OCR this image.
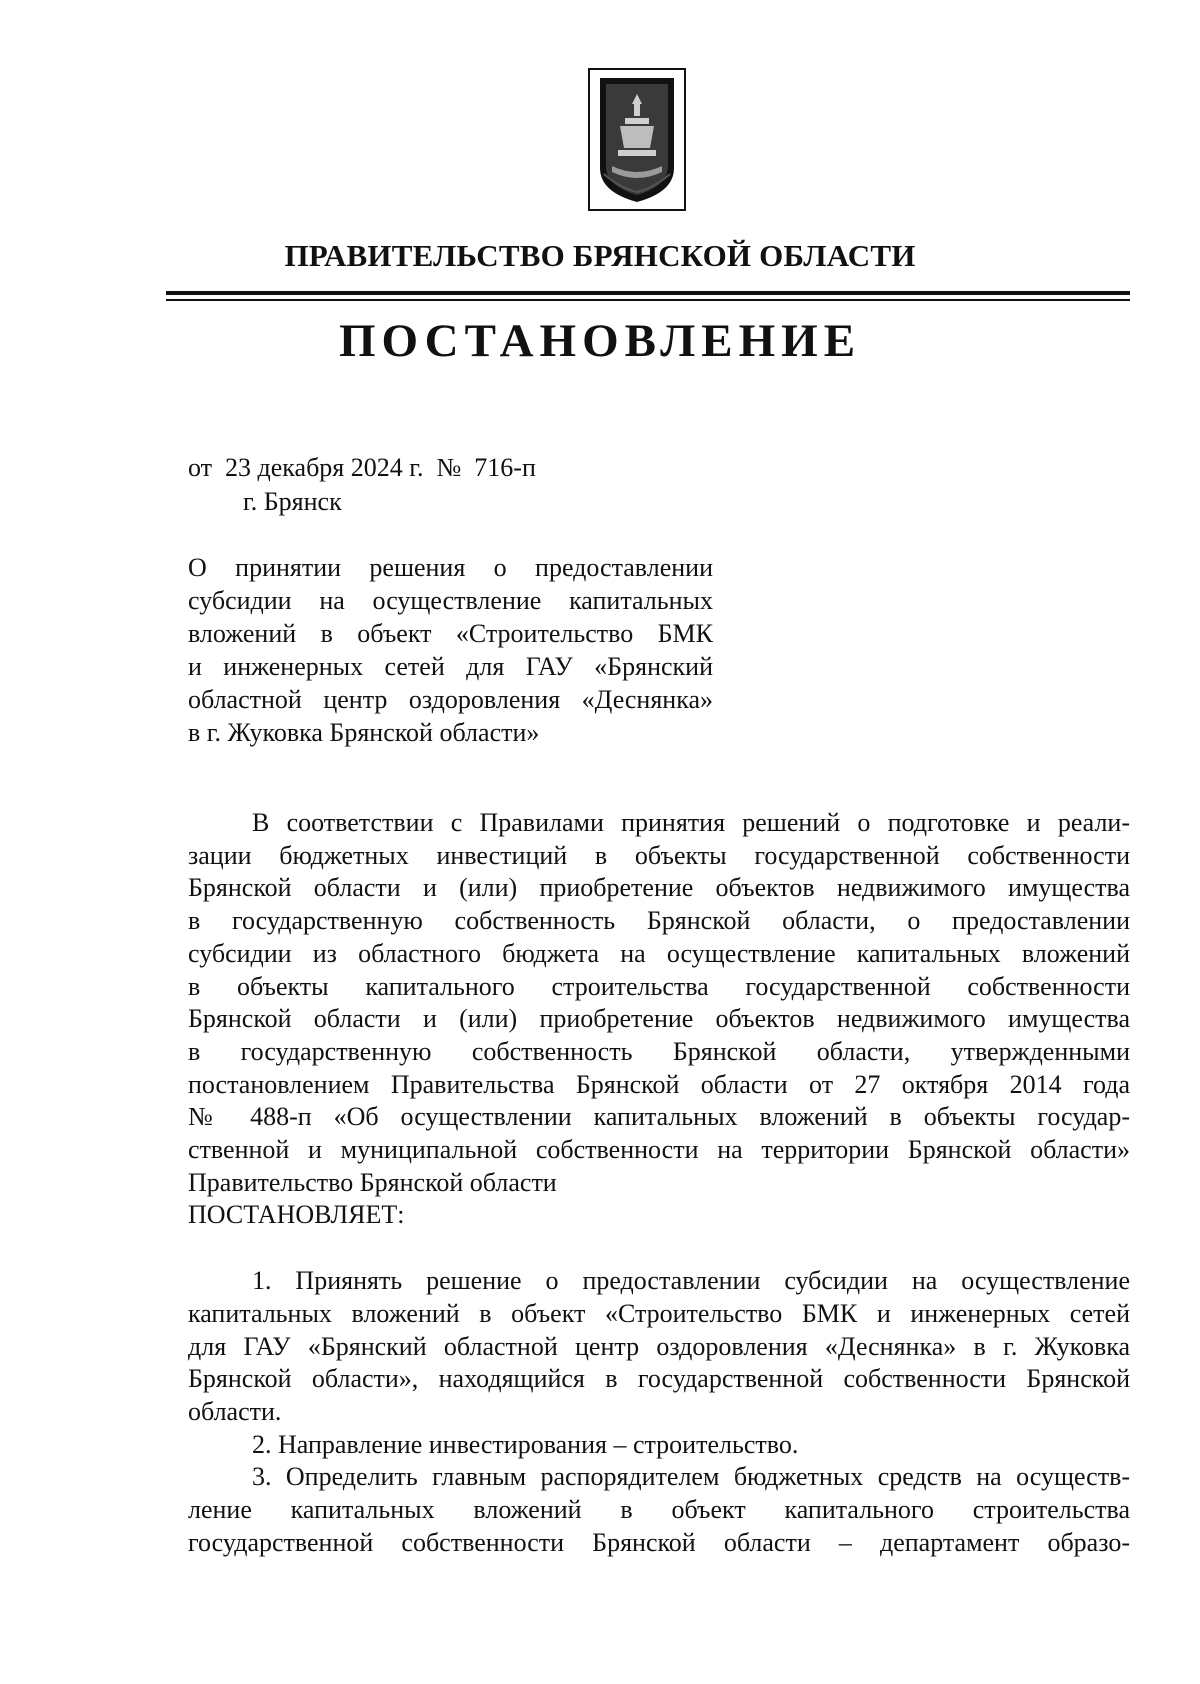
ПРАВИТЕЛЬСТВО БРЯНСКОЙ ОБЛАСТИ
ПОСТАНОВЛЕНИЕ
от  23 декабря 2024 г.  №  716-п
г. Брянск
О принятии решения о предоставлении
субсидии на осуществление капитальных
вложений в объект «Строительство БМК
и инженерных сетей для ГАУ «Брянский
областной центр оздоровления «Деснянка»
в г. Жуковка Брянской области»
В соответствии с Правилами принятия решений о подготовке и реали-
зации бюджетных инвестиций в объекты государственной собственности
Брянской области и (или) приобретение объектов недвижимого имущества
в государственную собственность Брянской области, о предоставлении
субсидии из областного бюджета на осуществление капитальных вложений
в объекты капитального строительства государственной собственности
Брянской области и (или) приобретение объектов недвижимого имущества
в государственную собственность Брянской области, утвержденными
постановлением Правительства Брянской области от 27 октября 2014 года
№ 488-п «Об осуществлении капитальных вложений в объекты государ-
ственной и муниципальной собственности на территории Брянской области»
Правительство Брянской области
ПОСТАНОВЛЯЕТ:
1. Приянять решение о предоставлении субсидии на осуществление
капитальных вложений в объект «Строительство БМК и инженерных сетей
для ГАУ «Брянский областной центр оздоровления «Деснянка» в г. Жуковка
Брянской области», находящийся в государственной собственности Брянской
области.
2. Направление инвестирования – строительство.
3. Определить главным распорядителем бюджетных средств на осуществ-
ление капитальных вложений в объект капитального строительства
государственной собственности Брянской области – департамент образо-
